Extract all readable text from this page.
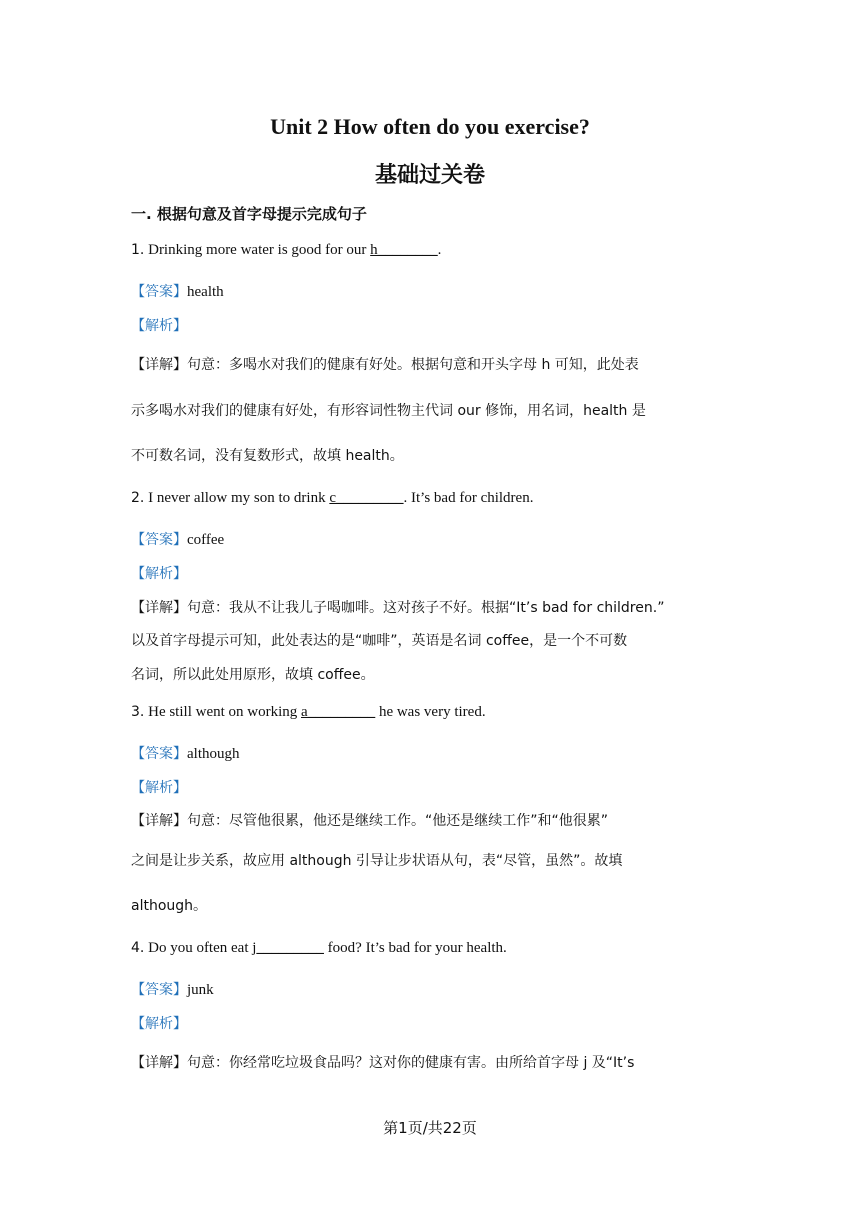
Unit 2 How often do you exercise?
基础过关卷
一. 根据句意及首字母提示完成句子
1. Drinking more water is good for our h________.
【答案】health
【解析】
【详解】句意：多喝水对我们的健康有好处。根据句意和开头字母 h 可知，此处表
示多喝水对我们的健康有好处，有形容词性物主代词 our 修饰，用名词，health 是
不可数名词，没有复数形式，故填 health。
2. I never allow my son to drink c_________. It’s bad for children.
【答案】coffee
【解析】
【详解】句意：我从不让我儿子喝咖啡。这对孩子不好。根据“It’s bad for children.”
以及首字母提示可知，此处表达的是“咖啡”，英语是名词 coffee，是一个不可数
名词，所以此处用原形，故填 coffee。
3. He still went on working a_________ he was very tired.
【答案】although
【解析】
【详解】句意：尽管他很累，他还是继续工作。“他还是继续工作”和“他很累”
之间是让步关系，故应用 although 引导让步状语从句，表“尽管，虽然”。故填
although。
4. Do you often eat j_________ food? It’s bad for your health.
【答案】junk
【解析】
【详解】句意：你经常吃垃圾食品吗？这对你的健康有害。由所给首字母 j 及“It’s
第1页/共22页
